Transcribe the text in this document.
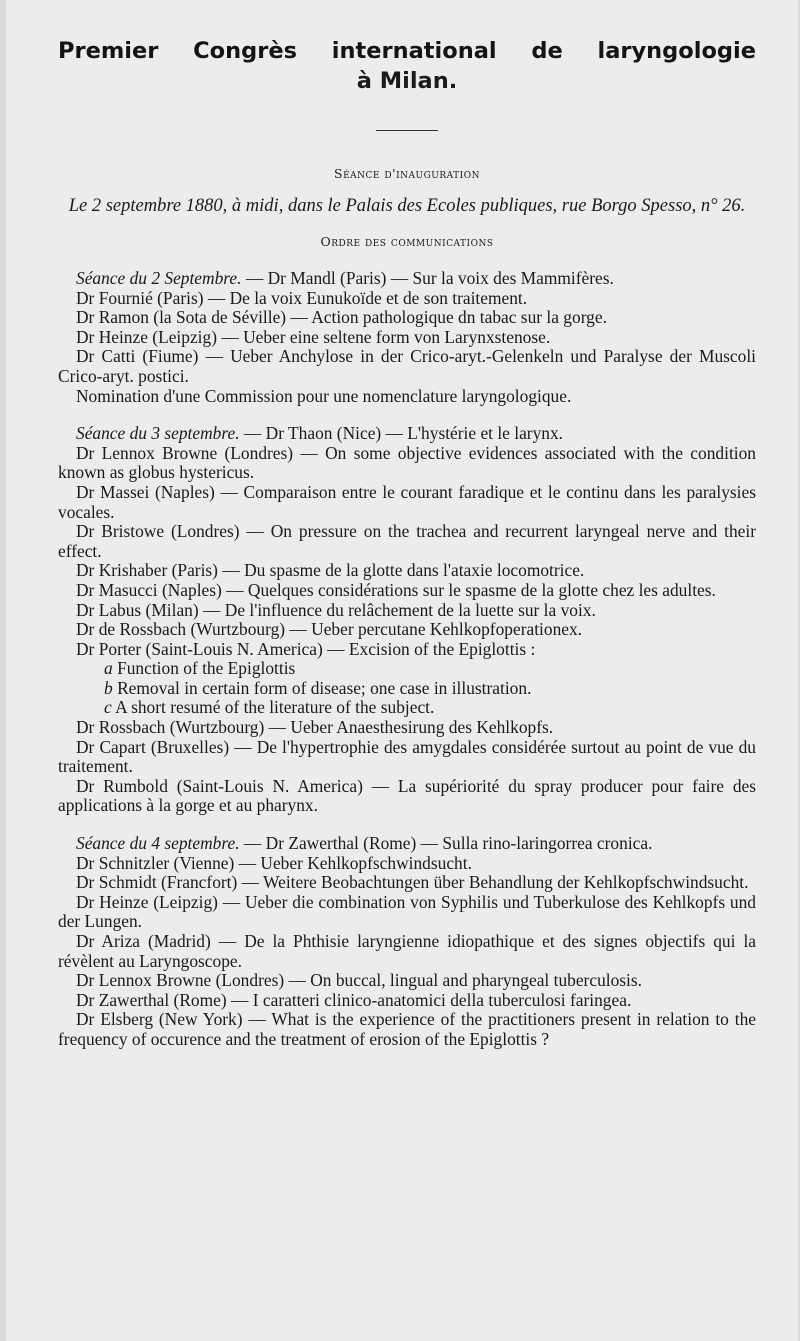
Premier Congrès international de laryngologie

à Milan.

Séance d'inauguration

Le 2 septembre 1880, à midi, dans le Palais des Ecoles publiques, rue Borgo Spesso, n° 26.

Ordre des communications

Séance du 2 Septembre. — Dr Mandl (Paris) — Sur la voix des Mammifères.

Dr Fournié (Paris) — De la voix Eunukoïde et de son traitement.

Dr Ramon (la Sota de Séville) — Action pathologique dn tabac sur la gorge.

Dr Heinze (Leipzig) — Ueber eine seltene form von Larynxstenose.

Dr Catti (Fiume) — Ueber Anchylose in der Crico-aryt.-Gelenkeln und Paralyse der Muscoli Crico-aryt. postici.

Nomination d'une Commission pour une nomenclature laryngologique.

Séance du 3 septembre. — Dr Thaon (Nice) — L'hystérie et le larynx.

Dr Lennox Browne (Londres) — On some objective evidences associated with the condition known as globus hystericus.

Dr Massei (Naples) — Comparaison entre le courant faradique et le continu dans les paralysies vocales.

Dr Bristowe (Londres) — On pressure on the trachea and recurrent laryngeal nerve and their effect.

Dr Krishaber (Paris) — Du spasme de la glotte dans l'ataxie locomotrice.

Dr Masucci (Naples) — Quelques considérations sur le spasme de la glotte chez les adultes.

Dr Labus (Milan) — De l'influence du relâchement de la luette sur la voix.

Dr de Rossbach (Wurtzbourg) — Ueber percutane Kehlkopfoperationex.

Dr Porter (Saint-Louis N. America) — Excision of the Epiglottis :

a Function of the Epiglottis

b Removal in certain form of disease; one case in illustration.

c A short resumé of the literature of the subject.

Dr Rossbach (Wurtzbourg) — Ueber Anaesthesirung des Kehlkopfs.

Dr Capart (Bruxelles) — De l'hypertrophie des amygdales considérée surtout au point de vue du traitement.

Dr Rumbold (Saint-Louis N. America) — La supériorité du spray producer pour faire des applications à la gorge et au pharynx.

Séance du 4 septembre. — Dr Zawerthal (Rome) — Sulla rino-laringorrea cronica.

Dr Schnitzler (Vienne) — Ueber Kehlkopfschwindsucht.

Dr Schmidt (Francfort) — Weitere Beobachtungen über Behandlung der Kehlkopfschwindsucht.

Dr Heinze (Leipzig) — Ueber die combination von Syphilis und Tuberkulose des Kehlkopfs und der Lungen.

Dr Ariza (Madrid) — De la Phthisie laryngienne idiopathique et des signes objectifs qui la révèlent au Laryngoscope.

Dr Lennox Browne (Londres) — On buccal, lingual and pharyngeal tuberculosis.

Dr Zawerthal (Rome) — I caratteri clinico-anatomici della tuberculosi faringea.

Dr Elsberg (New York) — What is the experience of the practitioners present in relation to the frequency of occurence and the treatment of erosion of the Epiglottis ?
